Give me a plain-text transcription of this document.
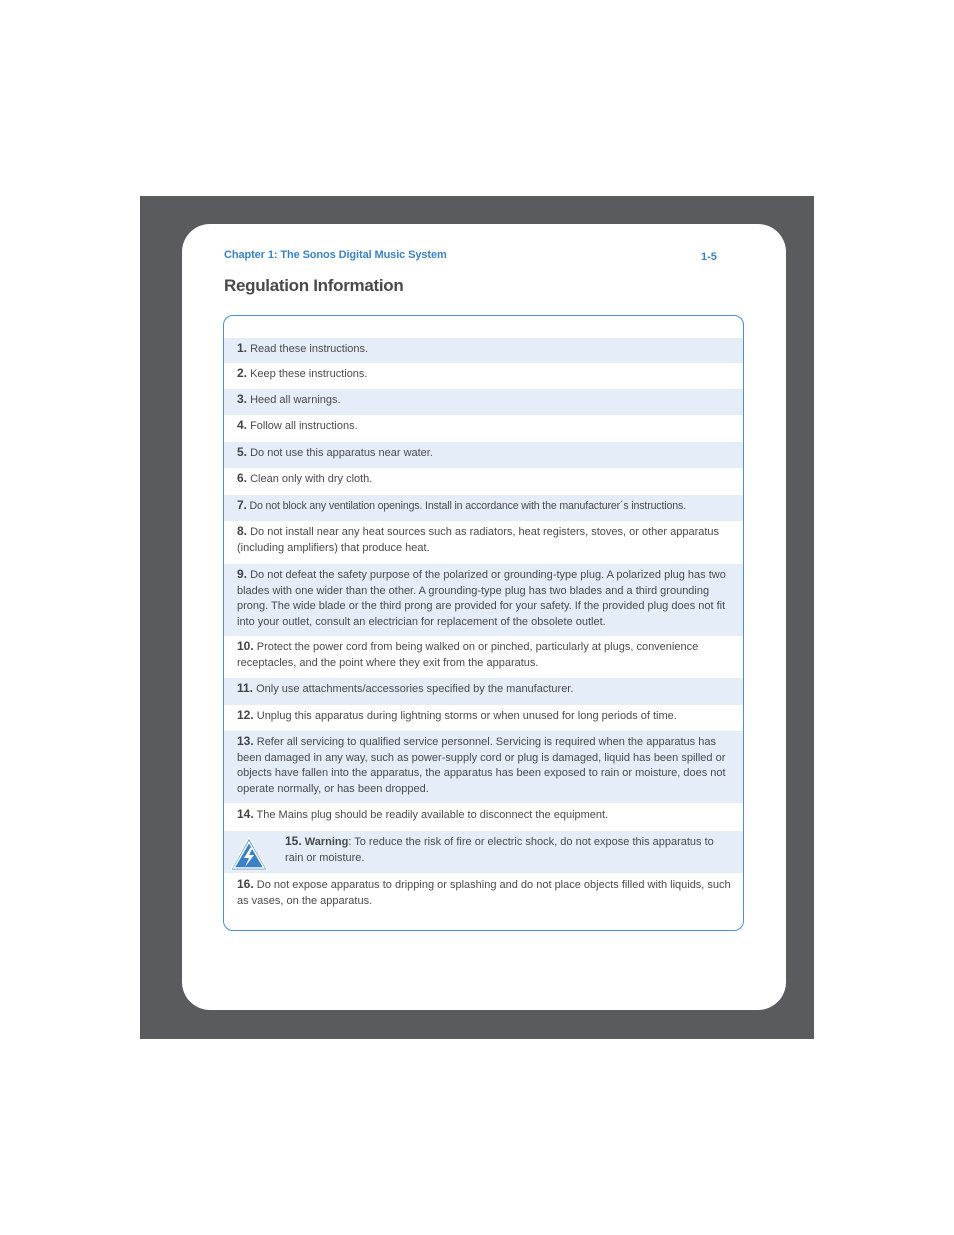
Chapter 1: The Sonos Digital Music System	1-5
Regulation Information
1. Read these instructions.
2. Keep these instructions.
3. Heed all warnings.
4. Follow all instructions.
5. Do not use this apparatus near water.
6. Clean only with dry cloth.
7. Do not block any ventilation openings. Install in accordance with the manufacturer´s instructions.
8. Do not install near any heat sources such as radiators, heat registers, stoves, or other apparatus (including amplifiers) that produce heat.
9. Do not defeat the safety purpose of the polarized or grounding-type plug. A polarized plug has two blades with one wider than the other. A grounding-type plug has two blades and a third grounding prong. The wide blade or the third prong are provided for your safety. If the provided plug does not fit into your outlet, consult an electrician for replacement of the obsolete outlet.
10. Protect the power cord from being walked on or pinched, particularly at plugs, convenience receptacles, and the point where they exit from the apparatus.
11. Only use attachments/accessories specified by the manufacturer.
12. Unplug this apparatus during lightning storms or when unused for long periods of time.
13. Refer all servicing to qualified service personnel. Servicing is required when the apparatus has been damaged in any way, such as power-supply cord or plug is damaged, liquid has been spilled or objects have fallen into the apparatus, the apparatus has been exposed to rain or moisture, does not operate normally, or has been dropped.
14. The Mains plug should be readily available to disconnect the equipment.
15. Warning: To reduce the risk of fire or electric shock, do not expose this apparatus to rain or moisture.
16. Do not expose apparatus to dripping or splashing and do not place objects filled with liquids, such as vases, on the apparatus.
